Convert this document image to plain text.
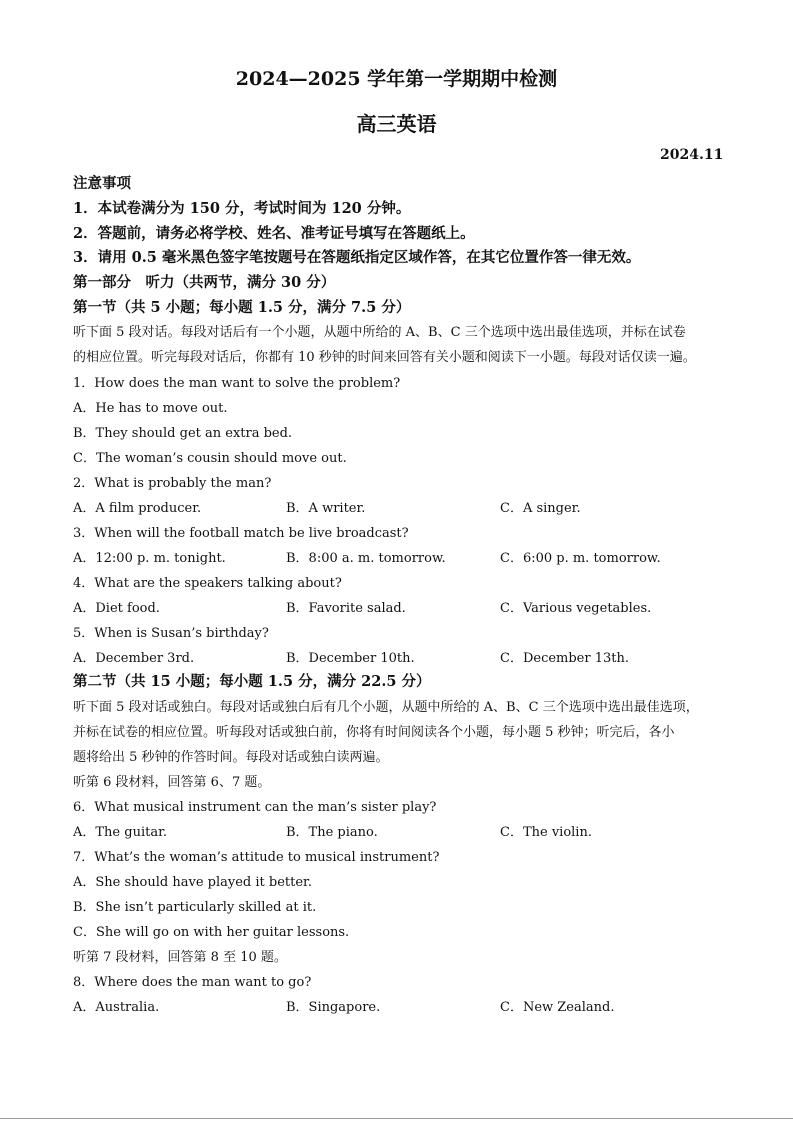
2024—2025 学年第一学期期中检测
高三英语
2024.11
注意事项
1．本试卷满分为 150 分，考试时间为 120 分钟。
2．答题前，请务必将学校、姓名、准考证号填写在答题纸上。
3．请用 0.5 毫米黑色签字笔按题号在答题纸指定区域作答，在其它位置作答一律无效。
第一部分　听力（共两节，满分 30 分）
第一节（共 5 小题；每小题 1.5 分，满分 7.5 分）
听下面 5 段对话。每段对话后有一个小题，从题中所给的 A、B、C 三个选项中选出最佳选项，并标在试卷
的相应位置。听完每段对话后，你都有 10 秒钟的时间来回答有关小题和阅读下一小题。每段对话仅读一遍。
1．How does the man want to solve the problem?
A．He has to move out.
B．They should get an extra bed.
C．The woman’s cousin should move out.
2．What is probably the man?
A．A film producer.	B．A writer.	C．A singer.
3．When will the football match be live broadcast?
A．12:00 p. m. tonight.	B．8:00 a. m. tomorrow.	C．6:00 p. m. tomorrow.
4．What are the speakers talking about?
A．Diet food.	B．Favorite salad.	C．Various vegetables.
5．When is Susan’s birthday?
A．December 3rd.	B．December 10th.	C．December 13th.
第二节（共 15 小题；每小题 1.5 分，满分 22.5 分）
听下面 5 段对话或独白。每段对话或独白后有几个小题，从题中所给的 A、B、C 三个选项中选出最佳选项，
并标在试卷的相应位置。听每段对话或独白前，你将有时间阅读各个小题，每小题 5 秒钟；听完后，各小
题将给出 5 秒钟的作答时间。每段对话或独白读两遍。
听第 6 段材料，回答第 6、7 题。
6．What musical instrument can the man’s sister play?
A．The guitar.	B．The piano.	C．The violin.
7．What’s the woman’s attitude to musical instrument?
A．She should have played it better.
B．She isn’t particularly skilled at it.
C．She will go on with her guitar lessons.
听第 7 段材料，回答第 8 至 10 题。
8．Where does the man want to go?
A．Australia.	B．Singapore.	C．New Zealand.
